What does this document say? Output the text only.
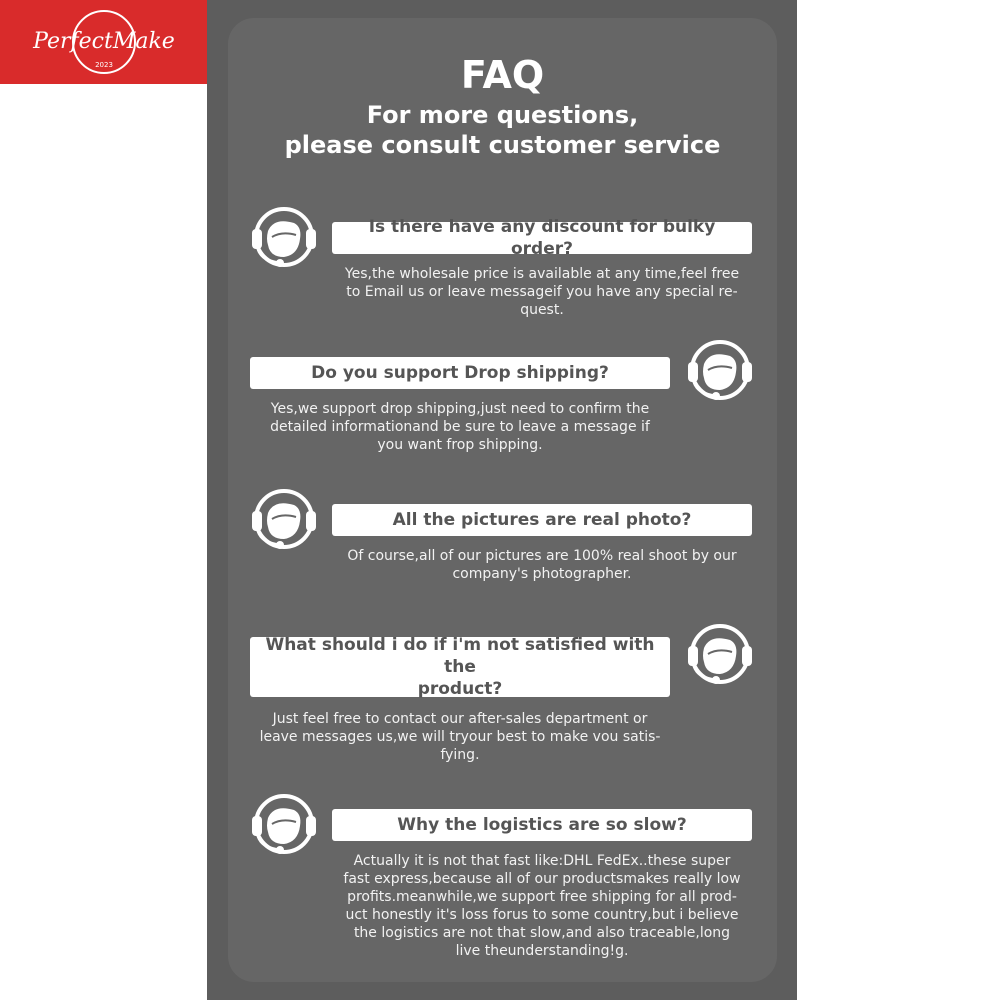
PerfectMake
2023	FAQ
For more questions,
please consult customer service
Is there have any discount for bulky order?
Yes,the wholesale price is available at any time,feel free
to Email us or leave messageif you have any special re-
quest.
Do you support Drop shipping?
Yes,we support drop shipping,just need to confirm the
detailed informationand be sure to leave a message if
you want frop shipping.
All the pictures are real photo?
Of course,all of our pictures are 100% real shoot by our
company's photographer.
What should i do if i'm not satisfied with the
product?
Just feel free to contact our after-sales department or
leave messages us,we will tryour best to make vou satis-
fying.
Why the logistics are so slow?
Actually it is not that fast like:DHL FedEx..these super
fast express,because all of our productsmakes really low
profits.meanwhile,we support free shipping for all prod-
uct honestly it's loss forus to some country,but i believe
the logistics are not that slow,and also traceable,long
live theunderstanding!g.
